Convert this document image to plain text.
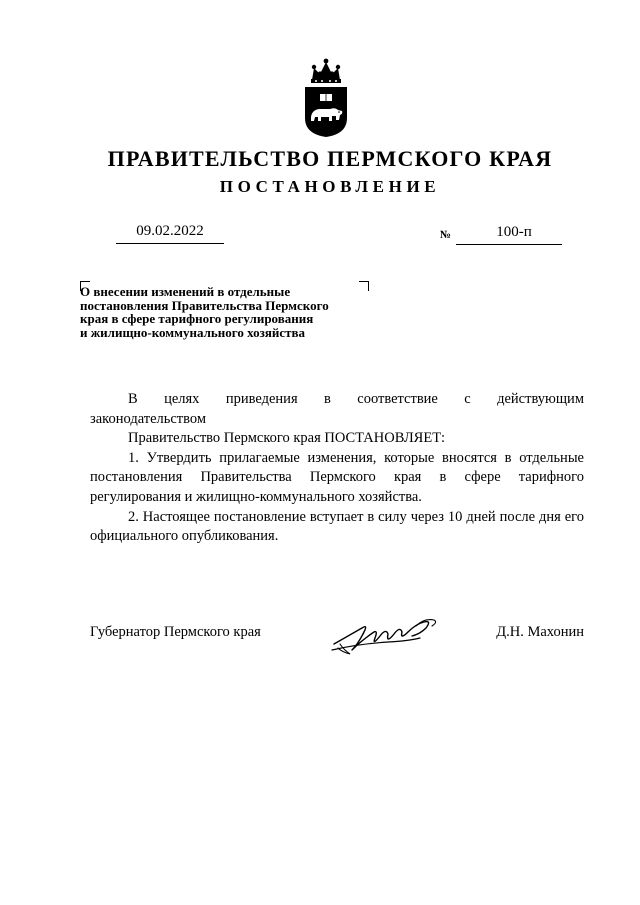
ПРАВИТЕЛЬСТВО ПЕРМСКОГО КРАЯ
ПОСТАНОВЛЕНИЕ
09.02.2022	№	100-п
О внесении изменений в отдельные
постановления Правительства Пермского
края в сфере тарифного регулирования
и жилищно-коммунального хозяйства

В целях приведения в соответствие с действующим

законодательством

Правительство Пермского края ПОСТАНОВЛЯЕТ:

1. Утвердить прилагаемые изменения, которые вносятся в отдельные постановления Правительства Пермского края в сфере тарифного регулирования и жилищно-коммунального хозяйства.

2. Настоящее постановление вступает в силу через 10 дней после дня его официального опубликования.

Губернатор Пермского края	Д.Н. Махонин
